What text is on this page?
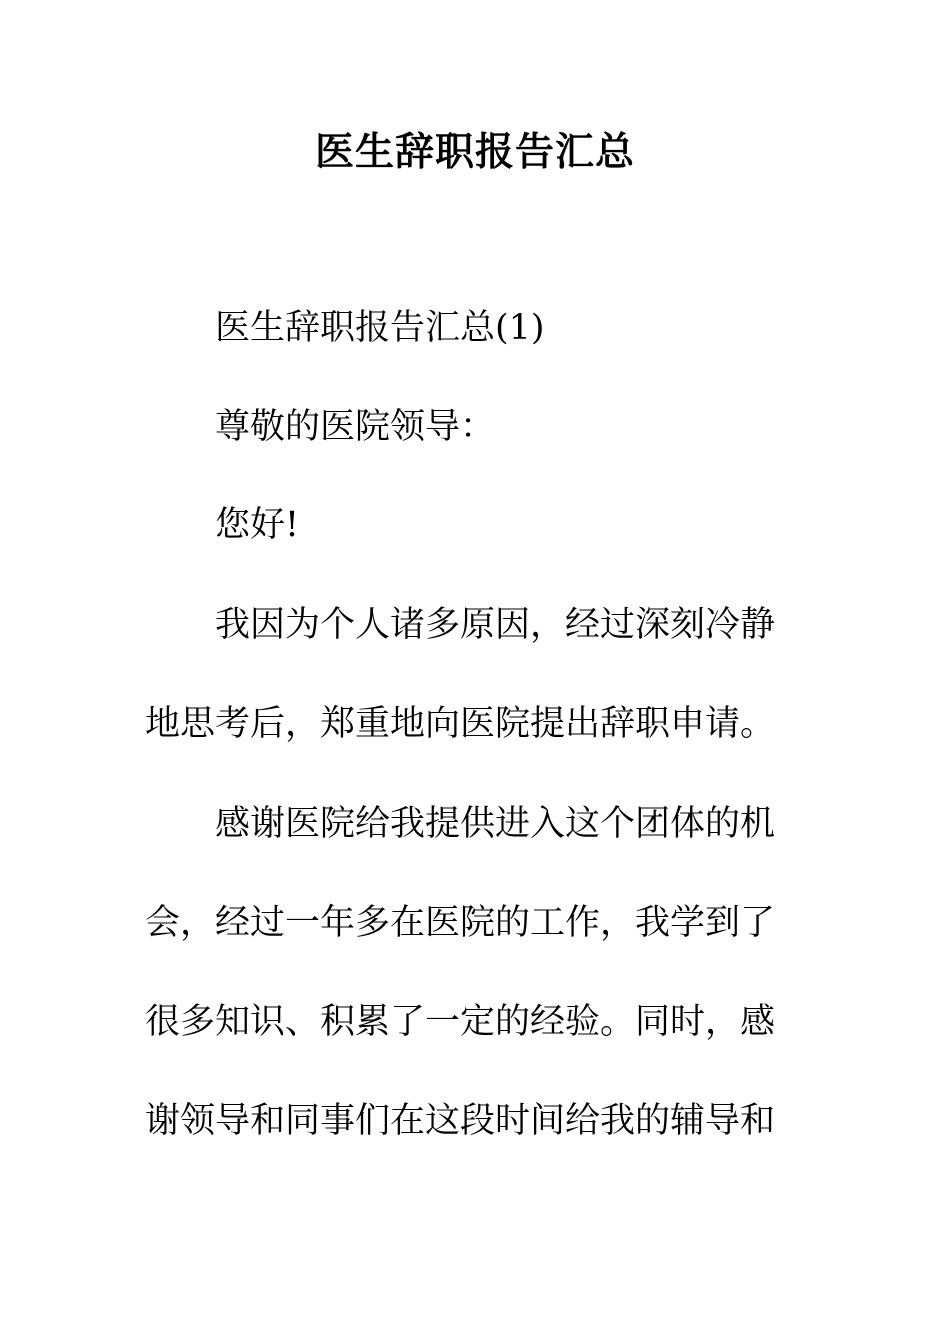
医生辞职报告汇总
医生辞职报告汇总(1)
尊敬的医院领导：
您好!
我因为个人诸多原因，经过深刻冷静
地思考后，郑重地向医院提出辞职申请。
感谢医院给我提供进入这个团体的机
会，经过一年多在医院的工作，我学到了
很多知识、积累了一定的经验。同时，感
谢领导和同事们在这段时间给我的辅导和
